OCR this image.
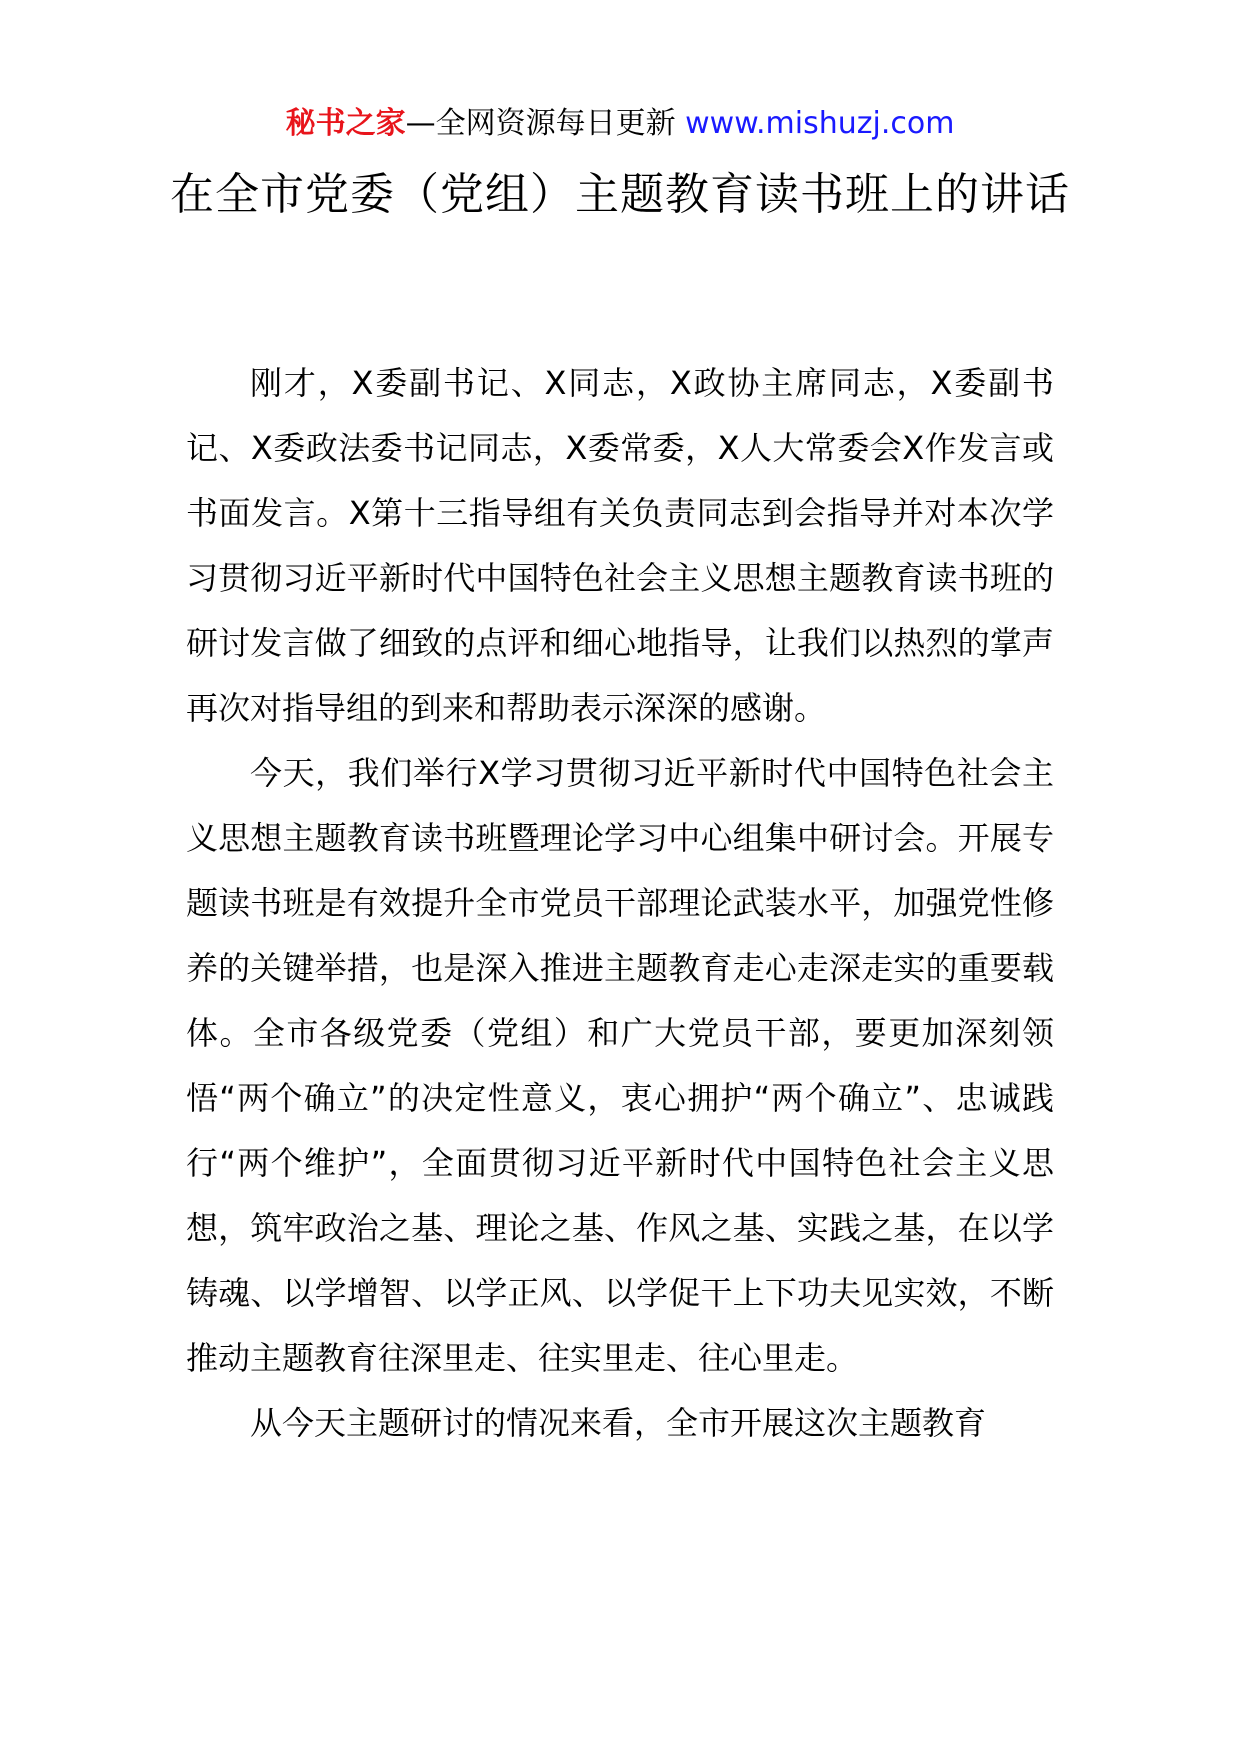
秘书之家—全网资源每日更新 www.mishuzj.com
在全市党委（党组）主题教育读书班上的讲话

刚才，X委副书记、X同志，X政协主席同志，X委副书记、X委政法委书记同志，X委常委，X人大常委会X作发言或书面发言。X第十三指导组有关负责同志到会指导并对本次学习贯彻习近平新时代中国特色社会主义思想主题教育读书班的研讨发言做了细致的点评和细心地指导，让我们以热烈的掌声再次对指导组的到来和帮助表示深深的感谢。

今天，我们举行X学习贯彻习近平新时代中国特色社会主义思想主题教育读书班暨理论学习中心组集中研讨会。开展专题读书班是有效提升全市党员干部理论武装水平，加强党性修养的关键举措，也是深入推进主题教育走心走深走实的重要载体。全市各级党委（党组）和广大党员干部，要更加深刻领悟“两个确立”的决定性意义，衷心拥护“两个确立”、忠诚践行“两个维护”，全面贯彻习近平新时代中国特色社会主义思想，筑牢政治之基、理论之基、作风之基、实践之基，在以学铸魂、以学增智、以学正风、以学促干上下功夫见实效，不断推动主题教育往深里走、往实里走、往心里走。

从今天主题研讨的情况来看，全市开展这次主题教育
